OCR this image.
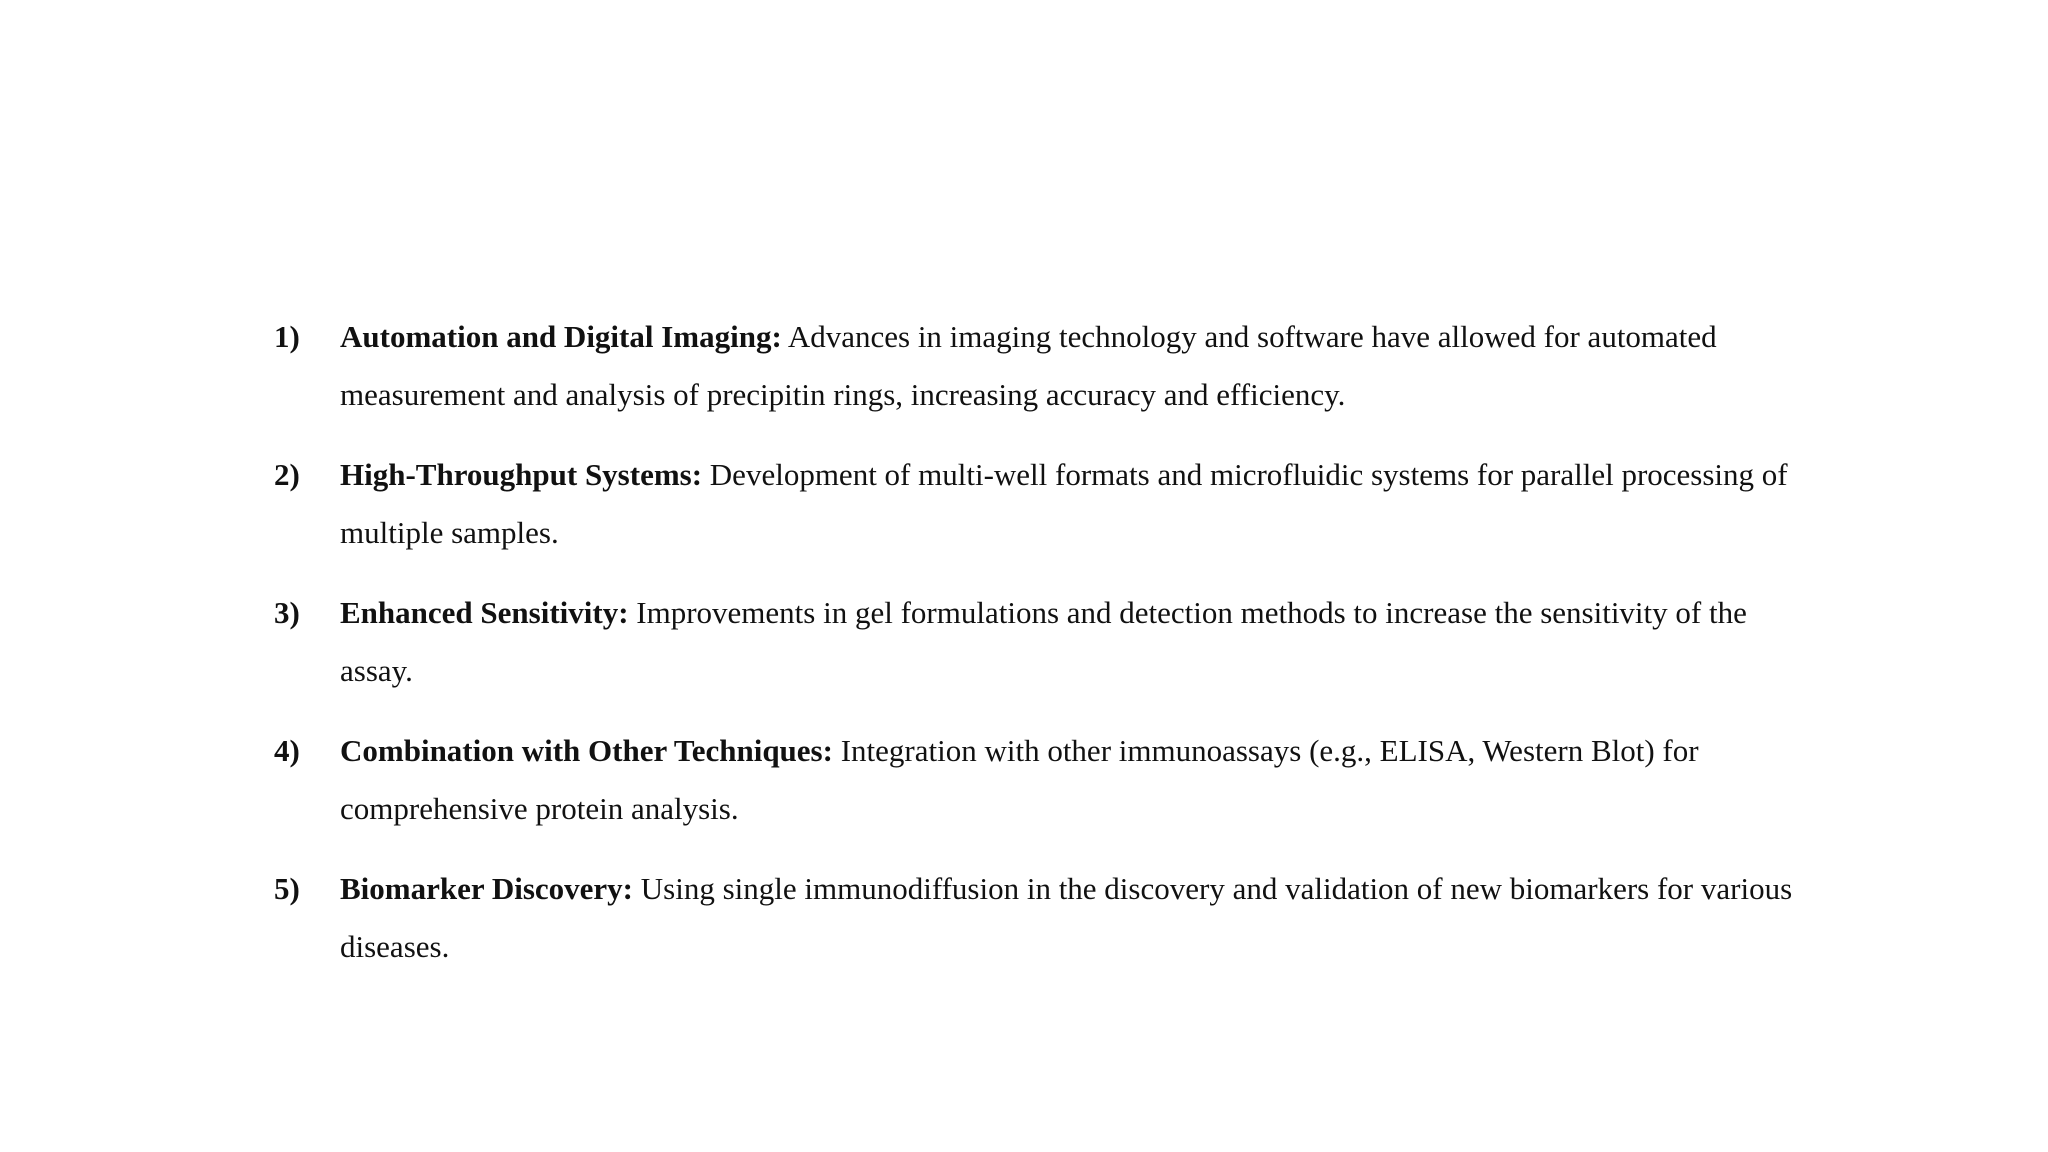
1) Automation and Digital Imaging: Advances in imaging technology and software have allowed for automated measurement and analysis of precipitin rings, increasing accuracy and efficiency.
2) High-Throughput Systems: Development of multi-well formats and microfluidic systems for parallel processing of multiple samples.
3) Enhanced Sensitivity: Improvements in gel formulations and detection methods to increase the sensitivity of the assay.
4) Combination with Other Techniques: Integration with other immunoassays (e.g., ELISA, Western Blot) for comprehensive protein analysis.
5) Biomarker Discovery: Using single immunodiffusion in the discovery and validation of new biomarkers for various diseases.
